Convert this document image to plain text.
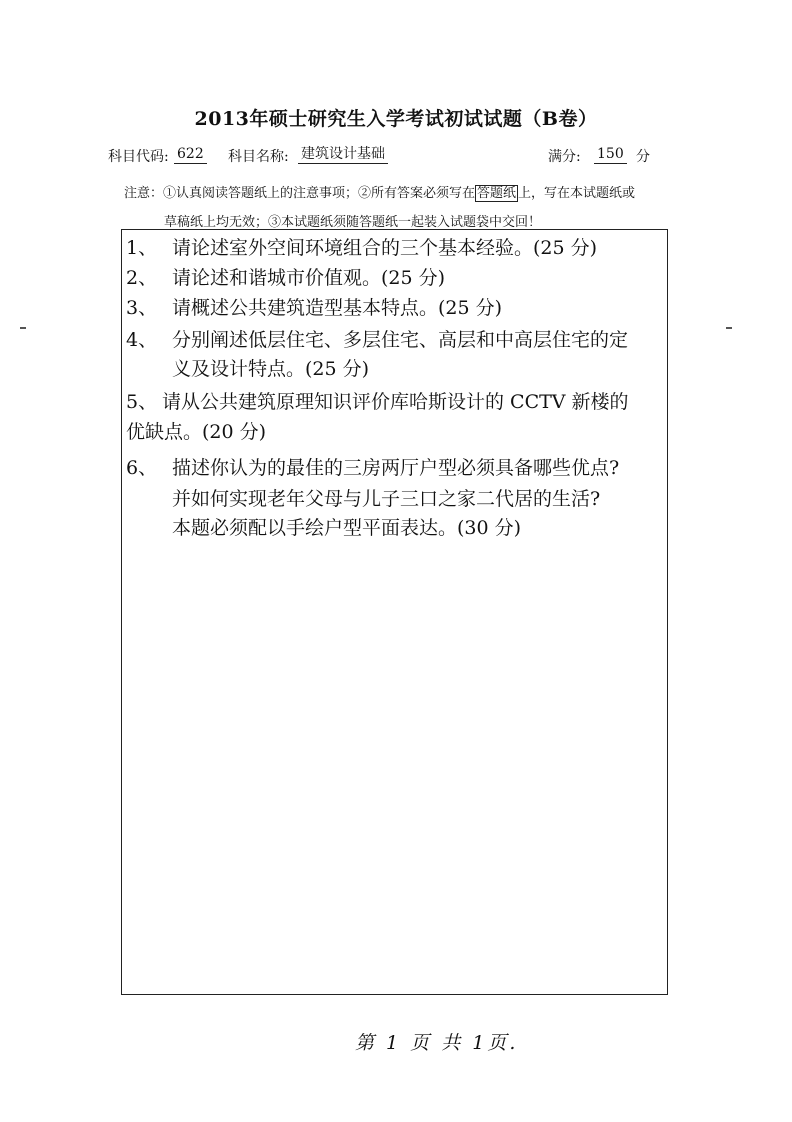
2013年硕士研究生入学考试初试试题（B卷）
科目代码: 622 科目名称: 建筑设计基础	满分: 150 分
注意：①认真阅读答题纸上的注意事项；②所有答案必须写在 答题纸 上，写在本试题纸或
草稿纸上均无效；③本试题纸须随答题纸一起装入试题袋中交回！
1、 请论述室外空间环境组合的三个基本经验。(25 分)
2、 请论述和谐城市价值观。(25 分)
3、 请概述公共建筑造型基本特点。(25 分)
4、 分别阐述低层住宅、多层住宅、高层和中高层住宅的定
义及设计特点。(25 分)
5、 请从公共建筑原理知识评价库哈斯设计的 CCTV 新楼的
优缺点。(20 分)
6、 描述你认为的最佳的三房两厅户型必须具备哪些优点?
并如何实现老年父母与儿子三口之家二代居的生活?
本题必须配以手绘户型平面表达。(30 分)
第 1 页 共 1页.
